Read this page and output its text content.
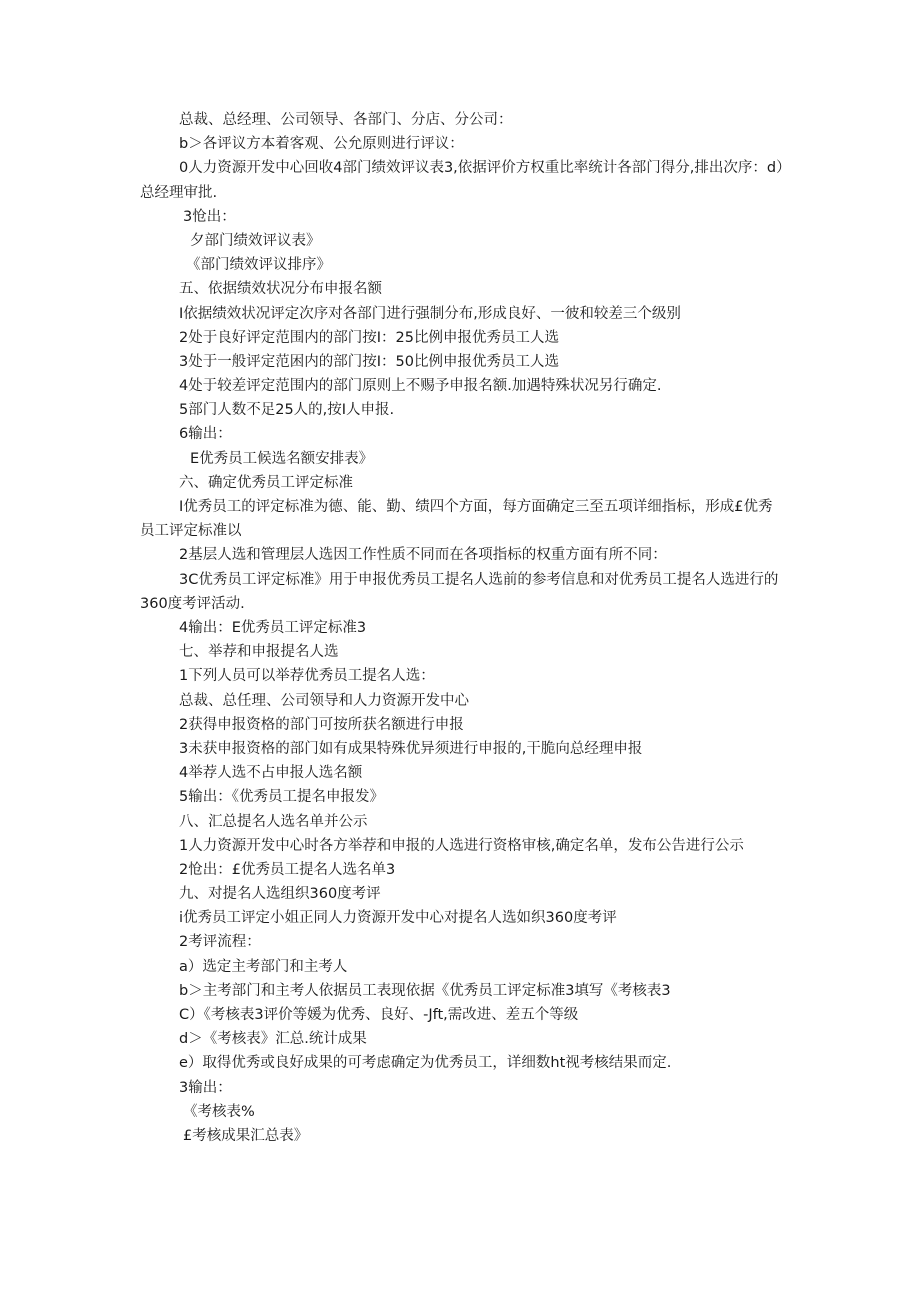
总裁、总经理、公司领导、各部门、分店、分公司：

b＞各评议方本着客观、公允原则进行评议：

0人力资源开发中心回收4部门绩效评议表3,依据评价方权重比率统计各部门得分,排出次序：d）总经理审批.

3怆出：

夕部门绩效评议表》

《部门绩效评议排序》

五、依据绩效状况分布申报名额

I依据绩效状况评定次序对各部门进行强制分布,形成良好、一彼和较差三个级别

2处于良好评定范围内的部门按I：25比例申报优秀员工人选

3处于一般评定范困内的部门按I：50比例申报优秀员工人选

4处于较差评定范围内的部门原则上不赐予申报名额.加遇特殊状况另行确定.

5部门人数不足25人的,按I人申报.

6输出：

E优秀员工候选名额安排表》

六、确定优秀员工评定标准

I优秀员工的评定标准为德、能、勤、绩四个方面，每方面确定三至五项详细指标，形成£优秀员工评定标准以

2基层人选和管理层人选因工作性质不同而在各项指标的权重方面有所不同：

3C优秀员工评定标准》用于申报优秀员工提名人选前的参考信息和对优秀员工提名人选进行的360度考评活动.

4输出：E优秀员工评定标准3

七、举荐和申报提名人选

1下列人员可以举荐优秀员工提名人选：

总裁、总任理、公司领导和人力资源开发中心

2获得申报资格的部门可按所获名额进行申报

3未获申报资格的部门如有成果特殊优异须进行申报的,干脆向总经理申报

4举荐人选不占申报人选名额

5输出：《优秀员工提名申报发》

八、汇总提名人选名单并公示

1人力资源开发中心时各方举荐和申报的人选进行资格审核,确定名单，发布公告进行公示

2怆出：£优秀员工提名人选名单3

九、对提名人选组织360度考评

i优秀员工评定小姐正同人力资源开发中心对提名人选如织360度考评

2考评流程：

a）选定主考部门和主考人

b＞主考部门和主考人依据员工表现依据《优秀员工评定标准3填写《考核表3

C）《考核表3评价等媛为优秀、良好、-Jft,需改进、差五个等级

d＞《考核表》汇总.统计成果

e）取得优秀或良好成果的可考虑确定为优秀员工，详细数ht视考核结果而定.

3输出：

《考核表%

£考核成果汇总表》
